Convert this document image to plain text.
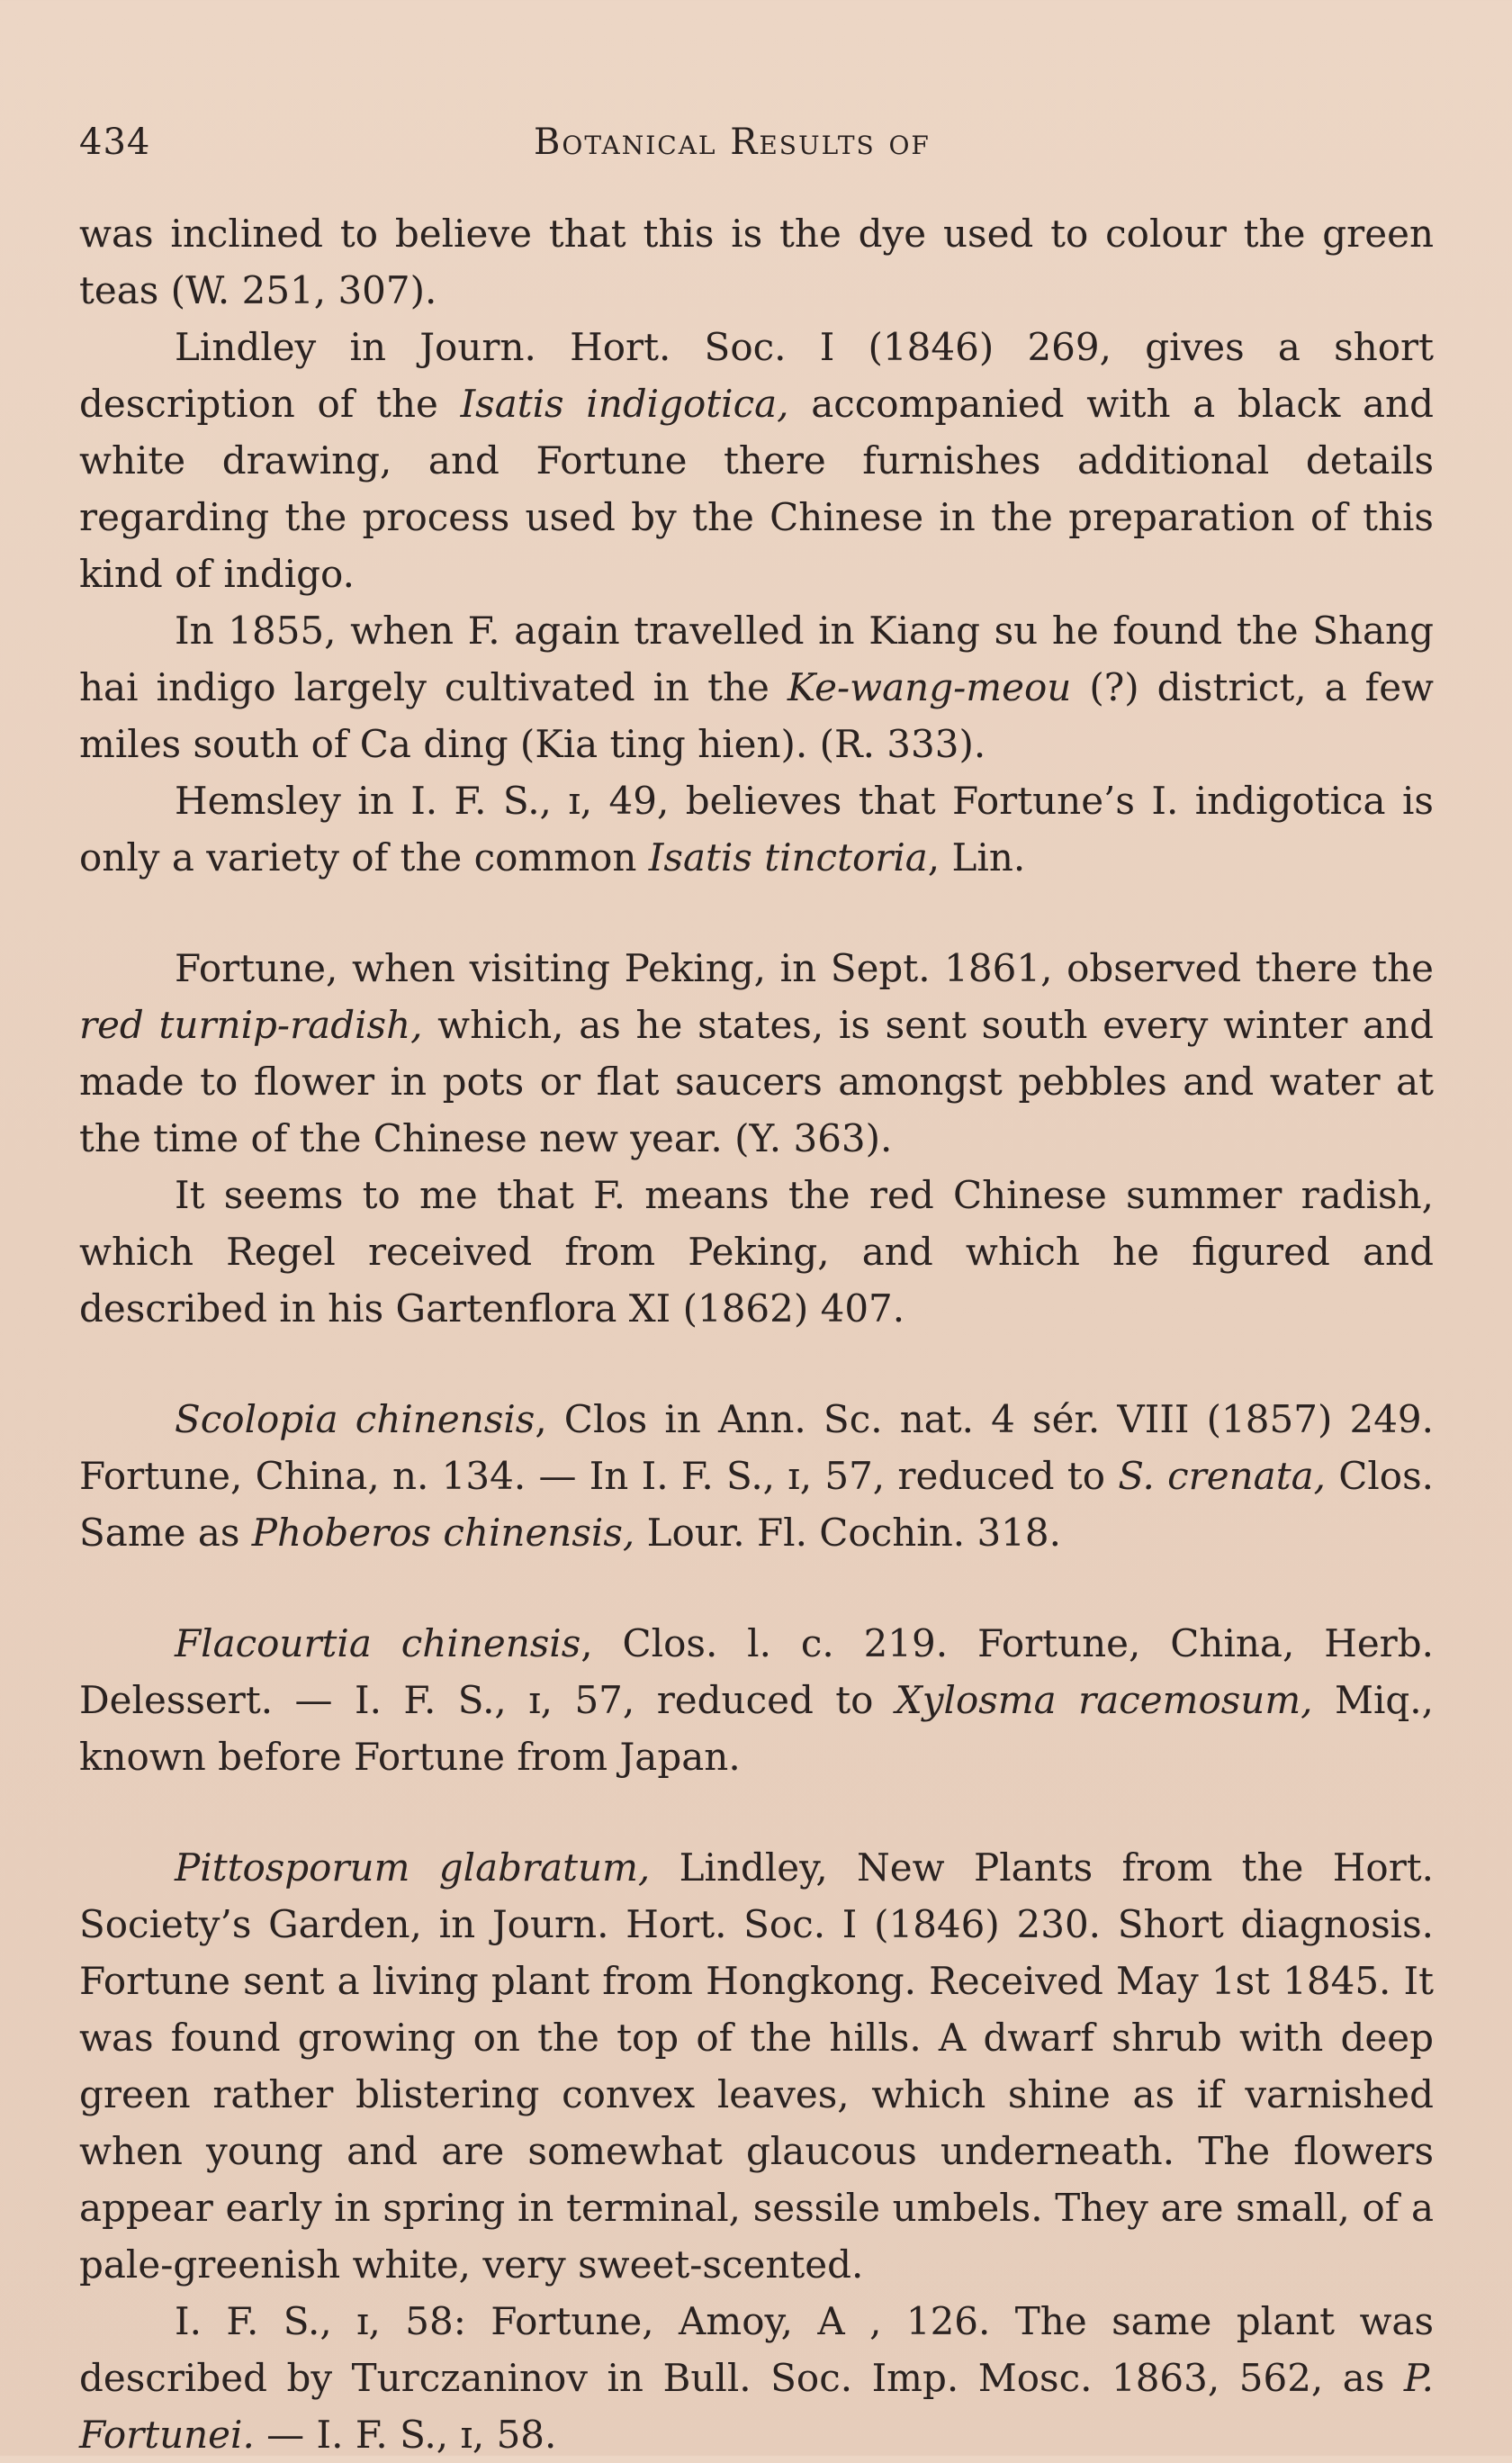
434	Botanical Results of

was inclined to believe that this is the dye used to colour the green teas (W. 251, 307).

Lindley in Journ. Hort. Soc. I (1846) 269, gives a short description of the Isatis indigotica, accompanied with a black and white drawing, and Fortune there furnishes additional details regarding the process used by the Chinese in the preparation of this kind of indigo.

In 1855, when F. again travelled in Kiang su he found the Shang hai indigo largely cultivated in the Ke-wang-meou (?) district, a few miles south of Ca ding (Kia ting hien). (R. 333).

Hemsley in I. F. S., ɪ, 49, believes that Fortune’s I. indigotica is only a variety of the common Isatis tinctoria, Lin.

Fortune, when visiting Peking, in Sept. 1861, observed there the red turnip-radish, which, as he states, is sent south every winter and made to flower in pots or flat saucers amongst pebbles and water at the time of the Chinese new year. (Y. 363).

It seems to me that F. means the red Chinese summer radish, which Regel received from Peking, and which he figured and described in his Gartenflora XI (1862) 407.

Scolopia chinensis, Clos in Ann. Sc. nat. 4 sér. VIII (1857) 249. Fortune, China, n. 134. — In I. F. S., ɪ, 57, reduced to S. crenata, Clos. Same as Phoberos chinensis, Lour. Fl. Cochin. 318.

Flacourtia chinensis, Clos. l. c. 219. Fortune, China, Herb. Delessert. — I. F. S., ɪ, 57, reduced to Xylosma racemosum, Miq., known before Fortune from Japan.

Pittosporum glabratum, Lindley, New Plants from the Hort. Society’s Garden, in Journ. Hort. Soc. I (1846) 230. Short diagnosis. Fortune sent a living plant from Hongkong. Received May 1st 1845. It was found growing on the top of the hills. A dwarf shrub with deep green rather blistering convex leaves, which shine as if varnished when young and are somewhat glaucous underneath. The flowers appear early in spring in terminal, sessile umbels. They are small, of a pale-greenish white, very sweet-scented.

I. F. S., ɪ, 58: Fortune, Amoy, A , 126. The same plant was described by Turczaninov in Bull. Soc. Imp. Mosc. 1863, 562, as P. Fortunei. — I. F. S., ɪ, 58.
